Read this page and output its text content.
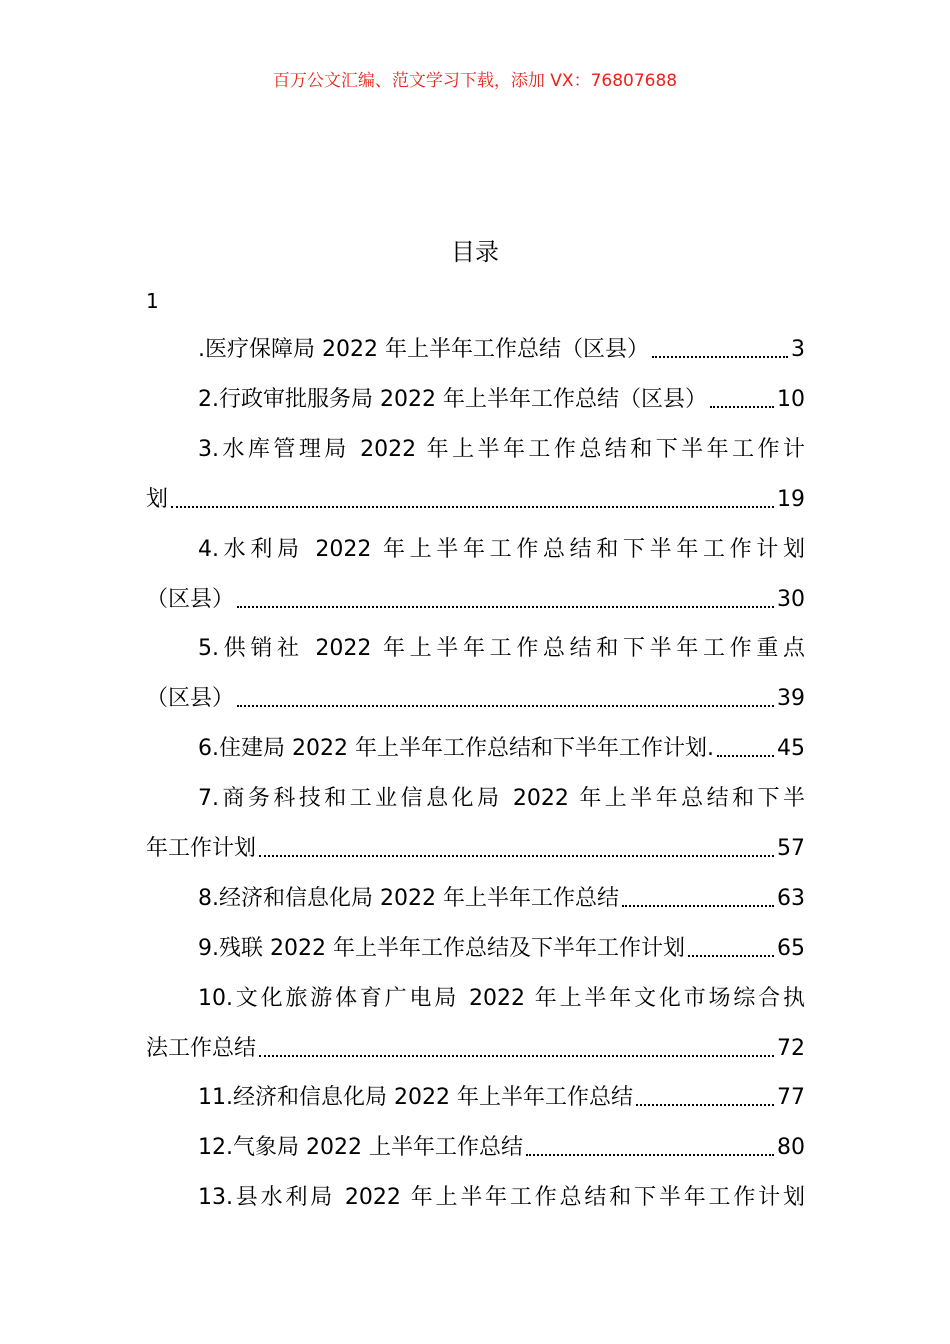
百万公文汇编、范文学习下载，添加 VX：76807688
目录
1
.医疗保障局 2022 年上半年工作总结（区县）	3
2.行政审批服务局 2022 年上半年工作总结（区县）	10
3.水库管理局 2022 年上半年工作总结和下半年工作计
划	19
4.水利局 2022 年上半年工作总结和下半年工作计划
（区县）	30
5.供销社 2022 年上半年工作总结和下半年工作重点
（区县）	39
6.住建局 2022 年上半年工作总结和下半年工作计划.	45
7.商务科技和工业信息化局 2022 年上半年总结和下半
年工作计划	57
8.经济和信息化局 2022 年上半年工作总结	63
9.残联 2022 年上半年工作总结及下半年工作计划	65
10.文化旅游体育广电局 2022 年上半年文化市场综合执
法工作总结	72
11.经济和信息化局 2022 年上半年工作总结	77
12.气象局 2022 上半年工作总结	80
13.县水利局 2022 年上半年工作总结和下半年工作计划
